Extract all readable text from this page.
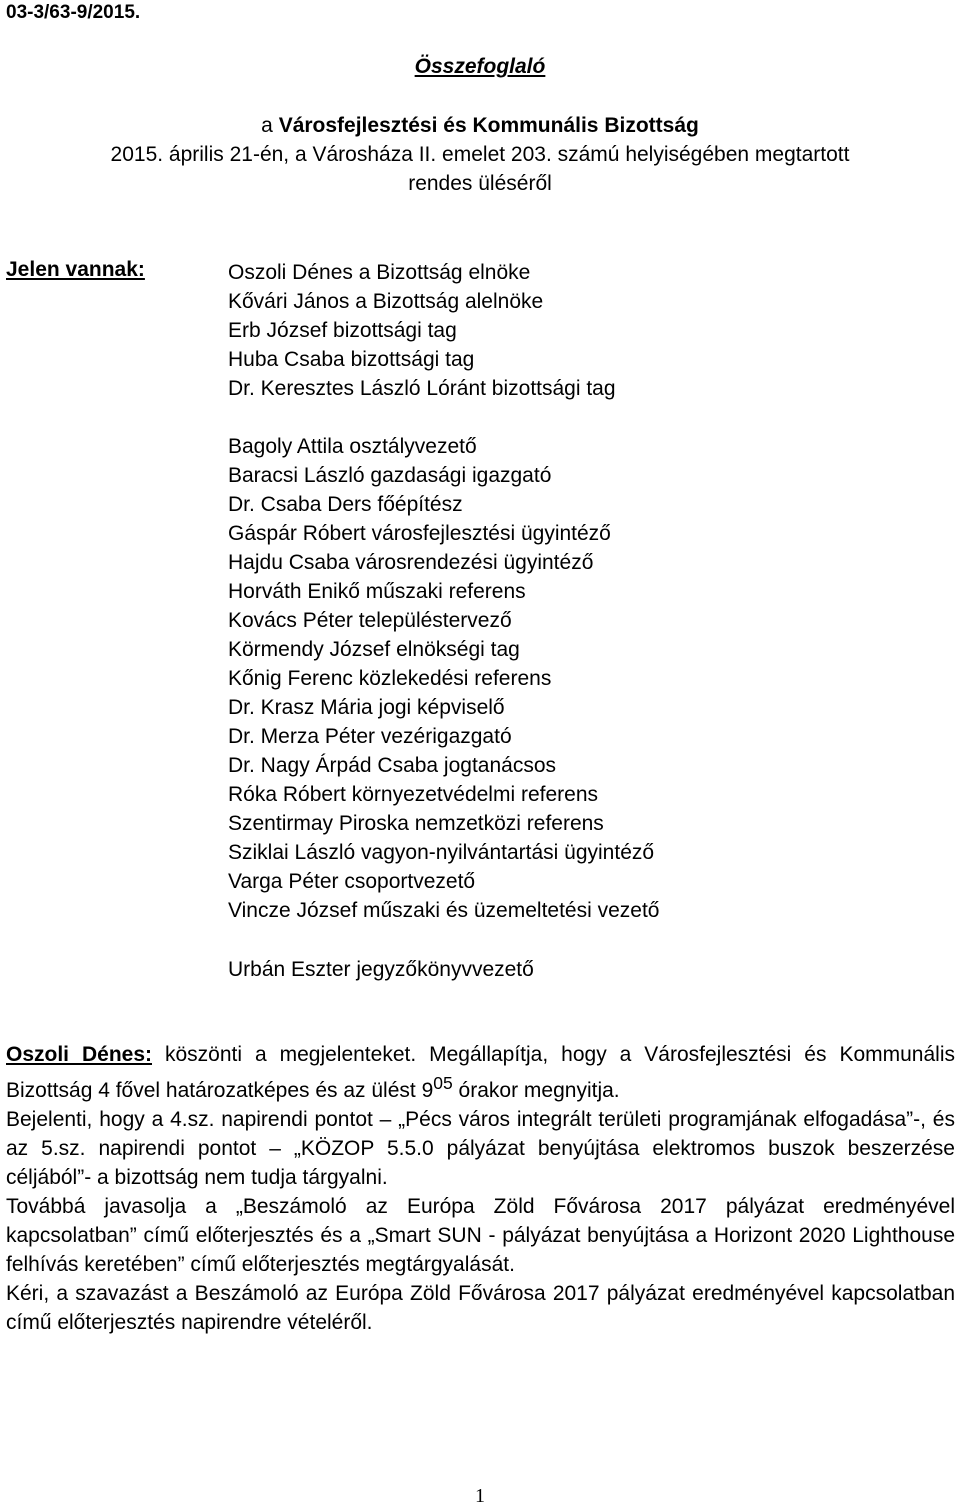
03-3/63-9/2015.
Összefoglaló
a Városfejlesztési és Kommunális Bizottság
2015. április 21-én, a Városháza II. emelet 203. számú helyiségében megtartott
rendes üléséről
Jelen vannak:	Oszoli Dénes a Bizottság elnöke
Kővári János a Bizottság alelnöke
Erb József bizottsági tag
Huba Csaba bizottsági tag
Dr. Keresztes László Lóránt bizottsági tag
Bagoly Attila osztályvezető
Baracsi László gazdasági igazgató
Dr. Csaba Ders főépítész
Gáspár Róbert városfejlesztési ügyintéző
Hajdu Csaba városrendezési ügyintéző
Horváth Enikő műszaki referens
Kovács Péter településtervező
Körmendy József elnökségi tag
Kőnig Ferenc közlekedési referens
Dr. Krasz Mária jogi képviselő
Dr. Merza Péter vezérigazgató
Dr. Nagy Árpád Csaba jogtanácsos
Róka Róbert környezetvédelmi referens
Szentirmay Piroska nemzetközi referens
Sziklai László vagyon-nyilvántartási ügyintéző
Varga Péter csoportvezető
Vincze József műszaki és üzemeltetési vezető
Urbán Eszter jegyzőkönyvvezető

Oszoli Dénes: köszönti a megjelenteket. Megállapítja, hogy a Városfejlesztési és Kommunális Bizottság 4 fővel határozatképes és az ülést $9^{05}$ órakor megnyitja.

Bejelenti, hogy a 4.sz. napirendi pontot – „Pécs város integrált területi programjának elfogadása”-, és az 5.sz. napirendi pontot – „KÖZOP 5.5.0 pályázat benyújtása elektromos buszok beszerzése céljából”- a bizottság nem tudja tárgyalni.

Továbbá javasolja a „Beszámoló az Európa Zöld Fővárosa 2017 pályázat eredményével kapcsolatban” című előterjesztés és a „Smart SUN - pályázat benyújtása a Horizont 2020 Lighthouse felhívás keretében” című előterjesztés megtárgyalását.

Kéri, a szavazást a Beszámoló az Európa Zöld Fővárosa 2017 pályázat eredményével kapcsolatban című előterjesztés napirendre vételéről.

1
